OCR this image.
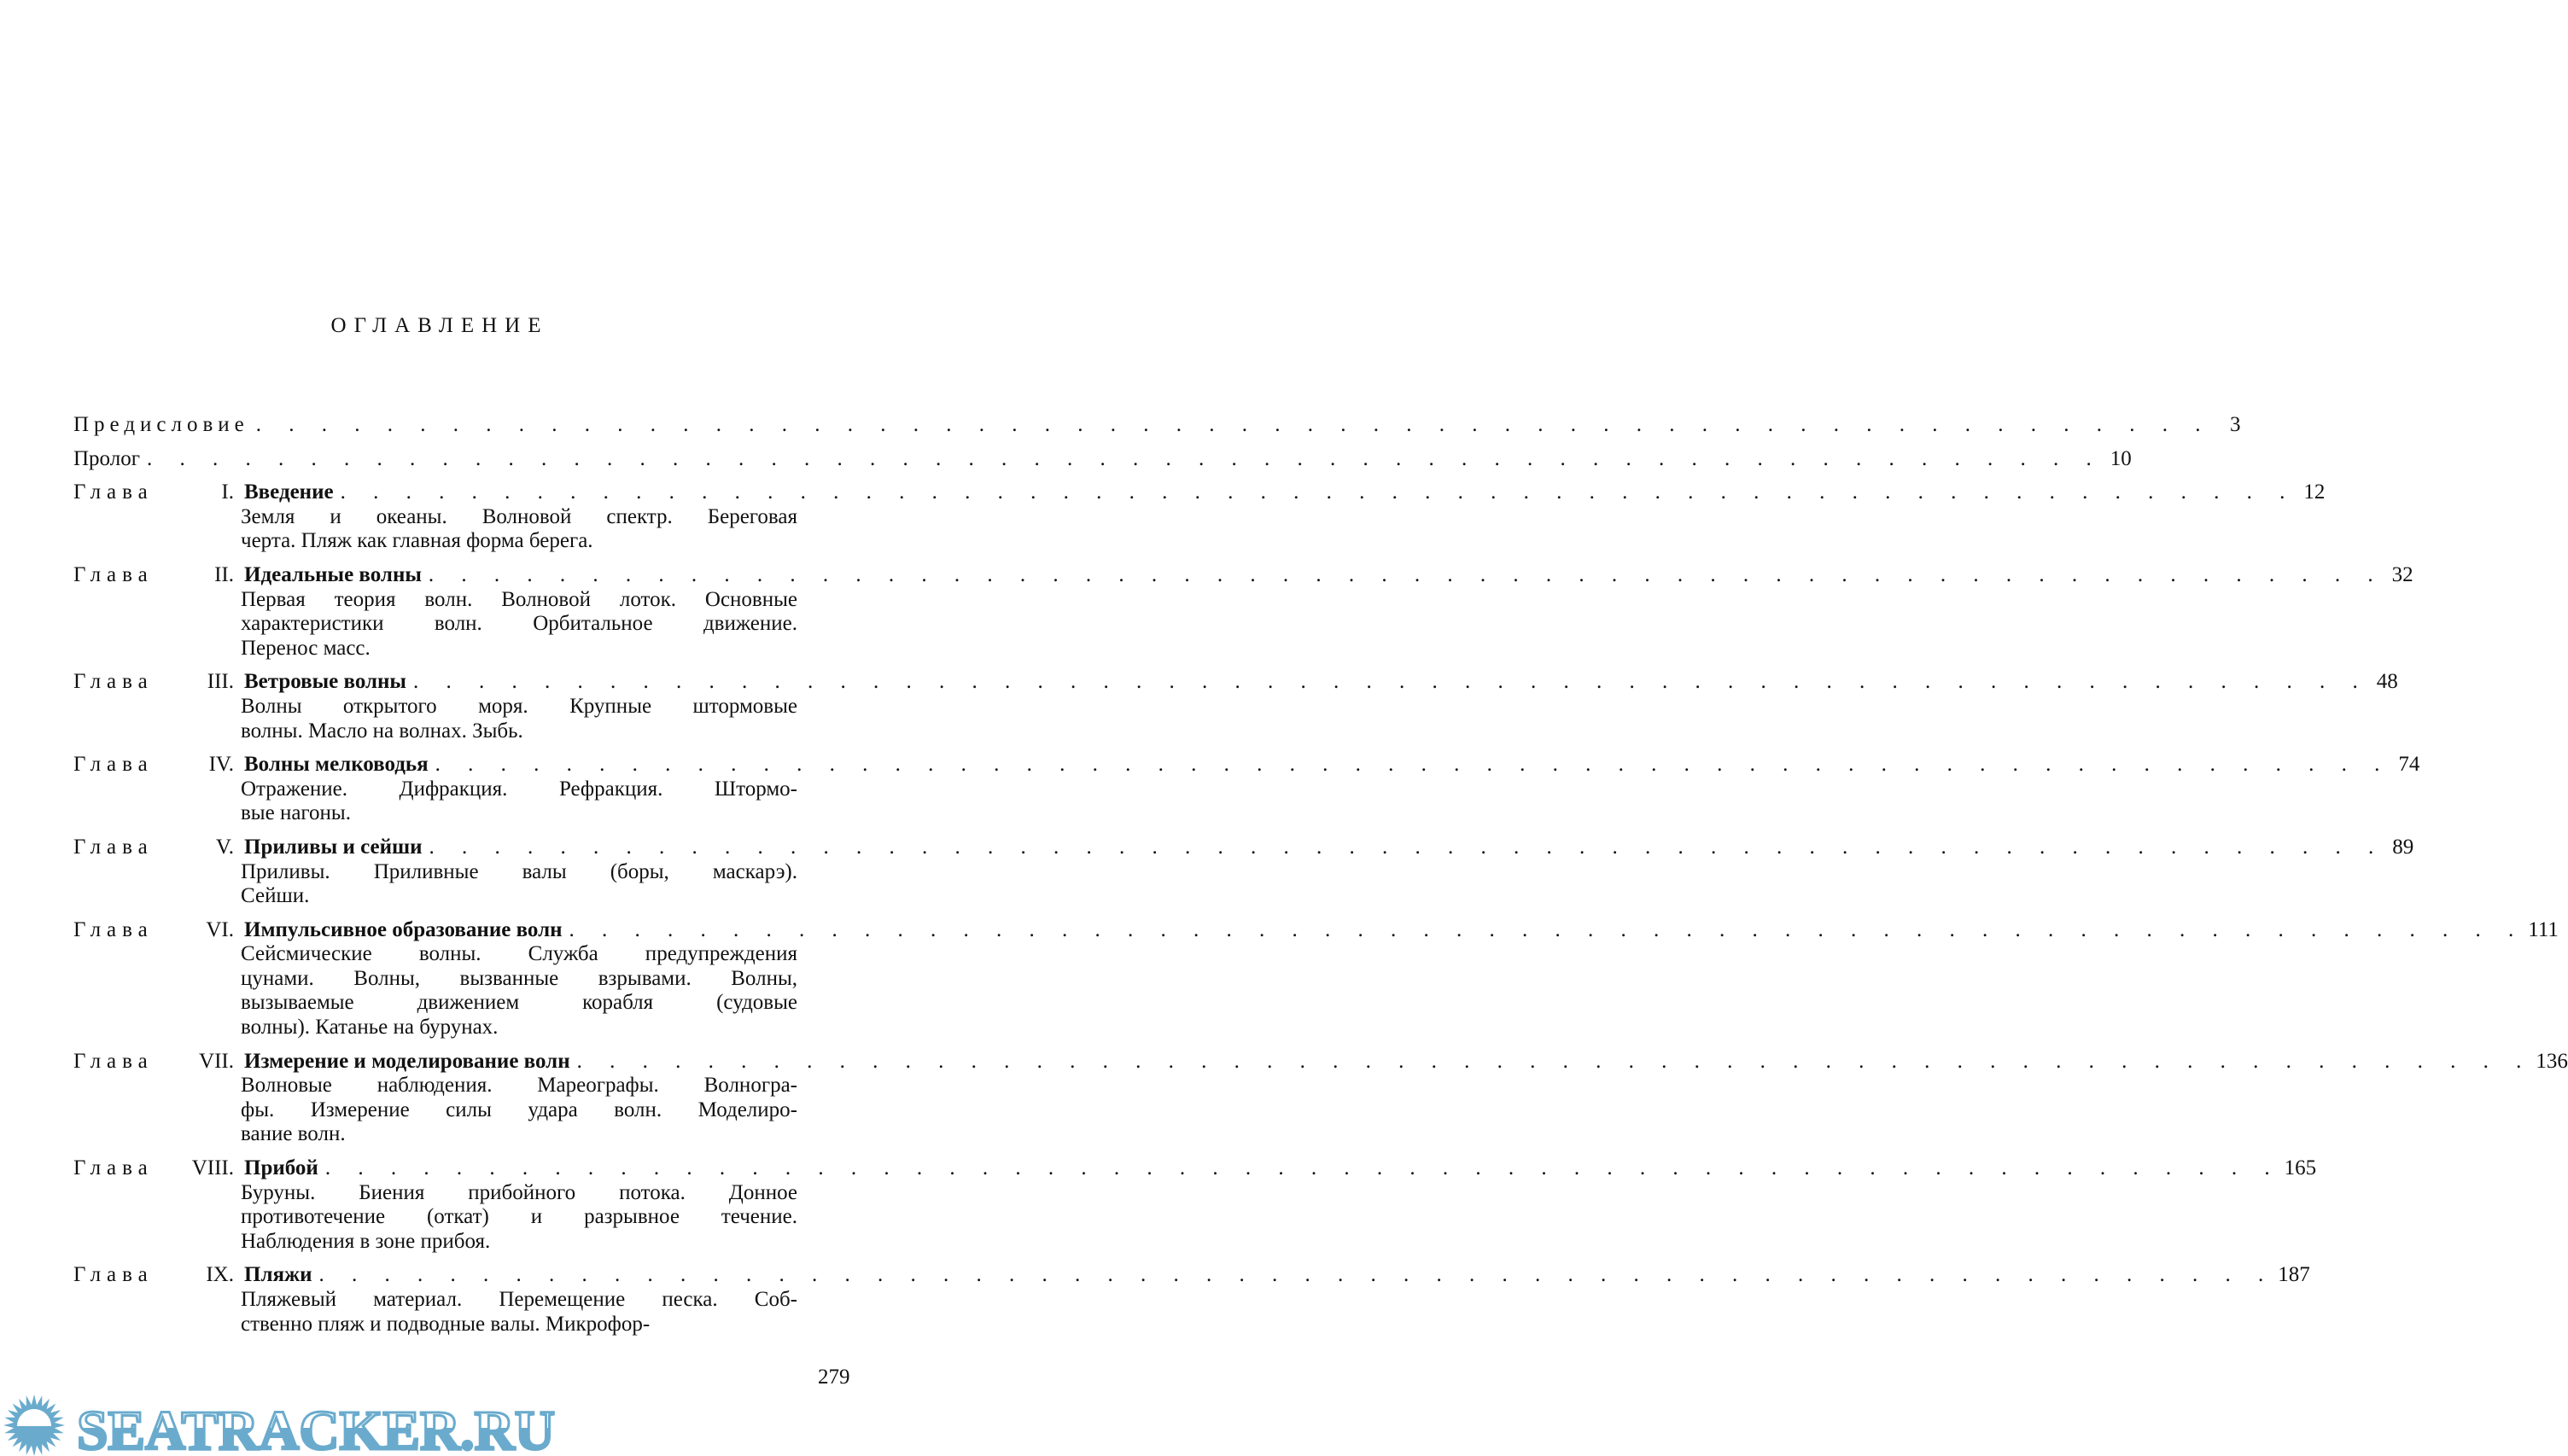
ОГЛАВЛЕНИЕ
Предисловие . . . . . . . . . . . . . . . . . . . . . . . . . . . . . . . . . . . . . . . . . . . . . . . . . . . . . . . . . . . . 3
Пролог . . . . . . . . . . . . . . . . . . . . . . . . . . . . . . . . . . . . . . . . . . . . . . . . . . . . . . . . . . . . 10
Глава	I. Введение . . . . . . . . . . . . . . . . . . . . . . . . . . . . . . . . . . . . . . . . . . . . . . . . . . . . . . . . . . . . 12
Земля и океаны. Волновой спектр. Береговая
черта. Пляж как главная форма берега.
Глава	II. Идеальные волны . . . . . . . . . . . . . . . . . . . . . . . . . . . . . . . . . . . . . . . . . . . . . . . . . . . . . . . . . . . . 32
Первая теория волн. Волновой лоток. Основные
характеристики волн. Орбитальное движение.
Перенос масс.
Глава	III. Ветровые волны . . . . . . . . . . . . . . . . . . . . . . . . . . . . . . . . . . . . . . . . . . . . . . . . . . . . . . . . . . . . 48
Волны открытого моря. Крупные штормовые
волны. Масло на волнах. Зыбь.
Глава	IV. Волны мелководья . . . . . . . . . . . . . . . . . . . . . . . . . . . . . . . . . . . . . . . . . . . . . . . . . . . . . . . . . . . . 74
Отражение. Дифракция. Рефракция. Штормо-
вые нагоны.
Глава	V. Приливы и сейши . . . . . . . . . . . . . . . . . . . . . . . . . . . . . . . . . . . . . . . . . . . . . . . . . . . . . . . . . . . . 89
Приливы. Приливные валы (боры, маскарэ).
Сейши.
Глава	VI. Импульсивное образование волн . . . . . . . . . . . . . . . . . . . . . . . . . . . . . . . . . . . . . . . . . . . . . . . . . . . . . . . . . . . . 111
Сейсмические волны. Служба предупреждения
цунами. Волны, вызванные взрывами. Волны,
вызываемые движением корабля (судовые
волны). Катанье на бурунах.
Глава	VII. Измерение и моделирование волн . . . . . . . . . . . . . . . . . . . . . . . . . . . . . . . . . . . . . . . . . . . . . . . . . . . . . . . . . . . . 136
Волновые наблюдения. Мареографы. Волногра-
фы. Измерение силы удара волн. Моделиро-
вание волн.
Глава	VIII. Прибой . . . . . . . . . . . . . . . . . . . . . . . . . . . . . . . . . . . . . . . . . . . . . . . . . . . . . . . . . . . . 165
Буруны. Биения прибойного потока. Донное
противотечение (откат) и разрывное течение.
Наблюдения в зоне прибоя.
Глава	IX. Пляжи . . . . . . . . . . . . . . . . . . . . . . . . . . . . . . . . . . . . . . . . . . . . . . . . . . . . . . . . . . . . 187
Пляжевый материал. Перемещение песка. Соб-
ственно пляж и подводные валы. Микрофор-
279
SEATRACKER.RU
